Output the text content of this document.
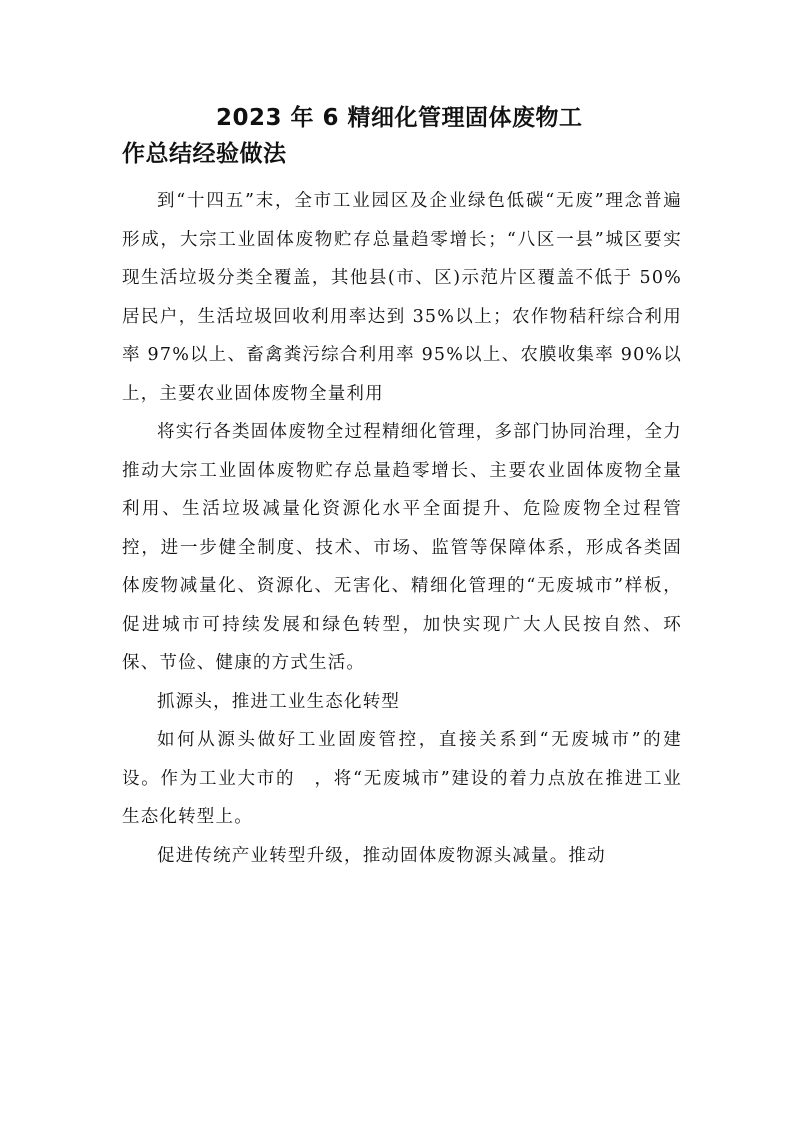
2023 年 6 精细化管理固体废物工
作总结经验做法

到“十四五”末，全市工业园区及企业绿色低碳“无废”理念普遍形成，大宗工业固体废物贮存总量趋零增长；“八区一县”城区要实现生活垃圾分类全覆盖，其他县(市、区)示范片区覆盖不低于 50%居民户，生活垃圾回收利用率达到 35%以上；农作物秸秆综合利用率 97%以上、畜禽粪污综合利用率 95%以上、农膜收集率 90%以上，主要农业固体废物全量利用

将实行各类固体废物全过程精细化管理，多部门协同治理，全力推动大宗工业固体废物贮存总量趋零增长、主要农业固体废物全量利用、生活垃圾减量化资源化水平全面提升、危险废物全过程管控，进一步健全制度、技术、市场、监管等保障体系，形成各类固体废物减量化、资源化、无害化、精细化管理的“无废城市”样板，促进城市可持续发展和绿色转型，加快实现广大人民按自然、环保、节俭、健康的方式生活。

抓源头，推进工业生态化转型

如何从源头做好工业固废管控，直接关系到“无废城市”的建设。作为工业大市的　，将“无废城市”建设的着力点放在推进工业生态化转型上。

促进传统产业转型升级，推动固体废物源头减量。推动
